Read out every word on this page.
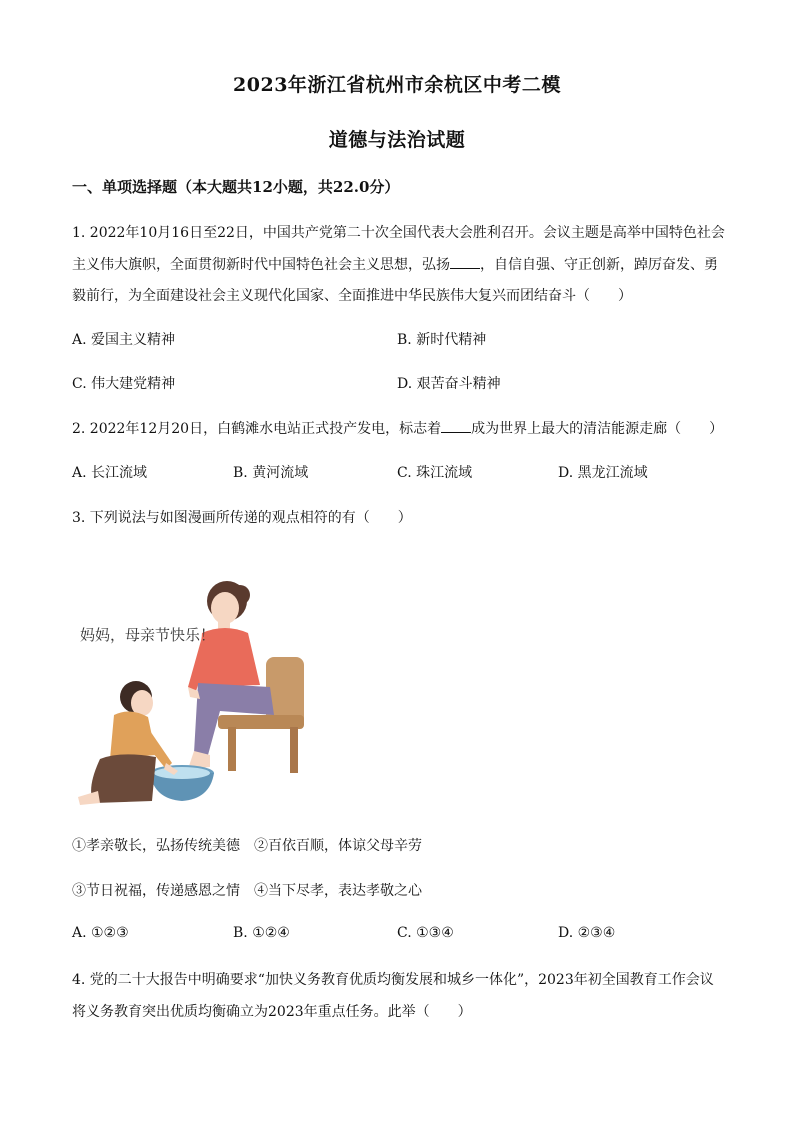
2023年浙江省杭州市余杭区中考二模
道德与法治试题
一、单项选择题（本大题共12小题，共22.0分）
1. 2022年10月16日至22日，中国共产党第二十次全国代表大会胜利召开。会议主题是高举中国特色社会
主义伟大旗帜，全面贯彻新时代中国特色社会主义思想，弘扬 ，自信自强、守正创新，踔厉奋发、勇
毅前行，为全面建设社会主义现代化国家、全面推进中华民族伟大复兴而团结奋斗（　　）
A. 爱国主义精神	B. 新时代精神
C. 伟大建党精神	D. 艰苦奋斗精神
2. 2022年12月20日，白鹤滩水电站正式投产发电，标志着 成为世界上最大的清洁能源走廊（　　）
A. 长江流域	B. 黄河流域	C. 珠江流域	D. 黑龙江流域
3. 下列说法与如图漫画所传递的观点相符的有（　　）
妈妈，母亲节快乐！
①孝亲敬长，弘扬传统美德　②百依百顺，体谅父母辛劳
③节日祝福，传递感恩之情　④当下尽孝，表达孝敬之心
A. ①②③	B. ①②④	C. ①③④	D. ②③④
4. 党的二十大报告中明确要求“加快义务教育优质均衡发展和城乡一体化”，2023年初全国教育工作会议
将义务教育突出优质均衡确立为2023年重点任务。此举（　　）
